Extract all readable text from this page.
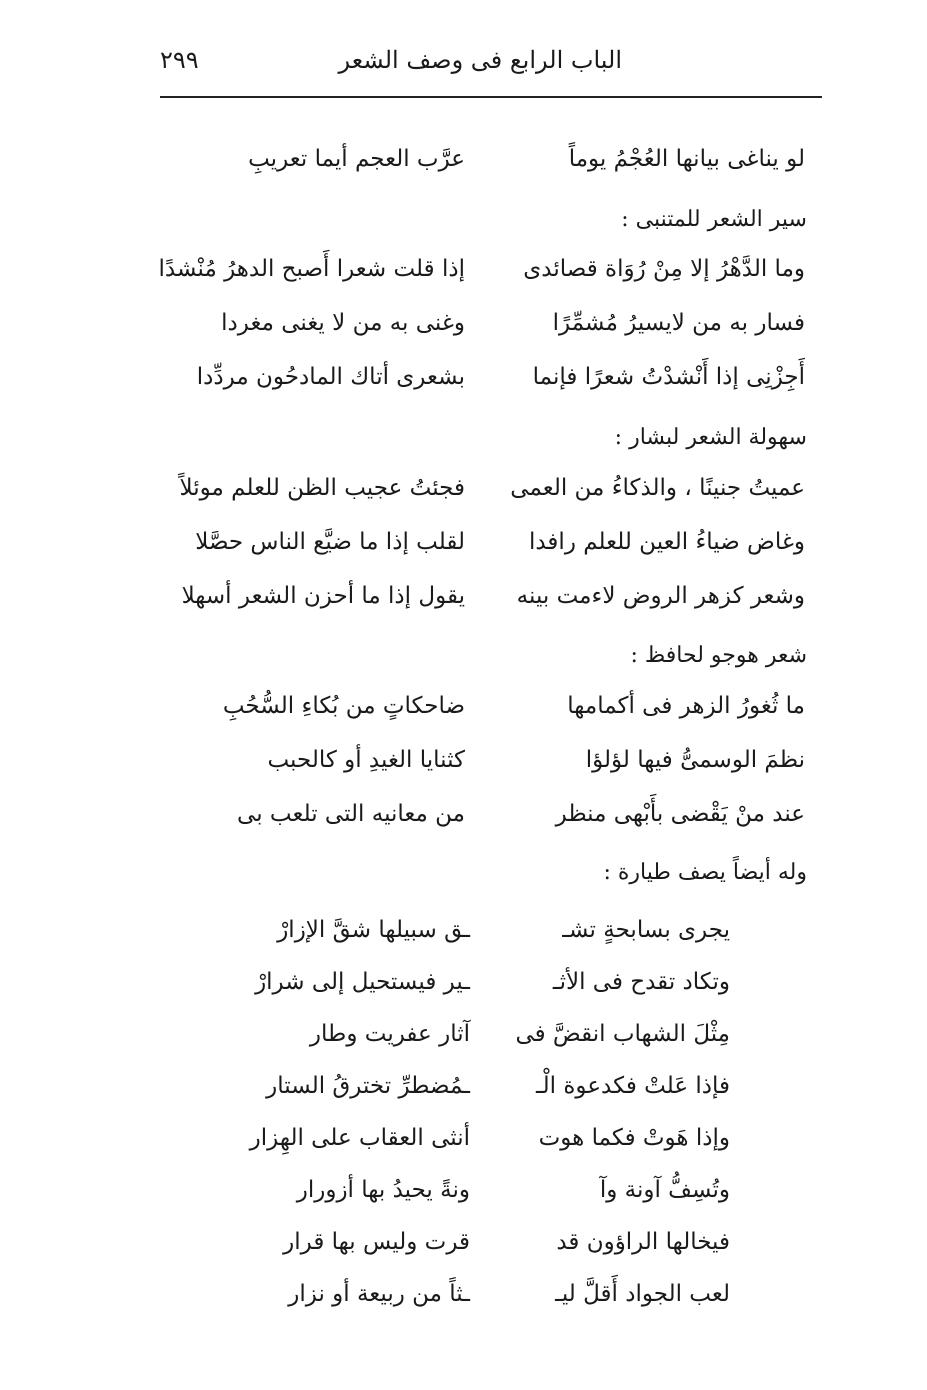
الباب الرابع فى وصف الشعر
٢٩٩
لو يناغى بيانها العُجْمُ يوماً
عرَّب العجم أيما تعريبِ
سير الشعر للمتنبى :
وما الدَّهْرُ إلا مِنْ رُوَاة قصائدى
إذا قلت شعرا أَصبح الدهرُ مُنْشدًا
فسار به من لايسيرُ مُشمِّرًا
وغنى به من لا يغنى مغردا
أَجِزْنِى إذا أَنْشدْتُ شعرًا فإنما
بشعرى أتاك المادحُون مردِّدا
سهولة الشعر لبشار :
عميتُ جنينًا ، والذكاءُ من العمى
فجئتُ عجيب الظن للعلم موئلاً
وغاض ضياءُ العين للعلم رافدا
لقلب إذا ما ضيَّع الناس حصَّلا
وشعر كزهر الروض لاءمت بينه
يقول إذا ما أحزن الشعر أسهلا
شعر هوجو لحافظ :
ما ثُغورُ الزهر فى أكمامها
ضاحكاتٍ من بُكاءِ السُّحُبِ
نظمَ الوسمىُّ فيها لؤلؤا
كثنايا الغيدِ أو كالحبب
عند منْ يَقْضى بأَبْهى منظر
من معانيه التى تلعب بى
وله أيضاً يصف طيارة :
يجرى بسابحةٍ تشـ
ـق سبيلها شقَّ الإزارْ
وتكاد تقدح فى الأثـ
ـير فيستحيل إلى شرارْ
مِثْلَ الشهاب انقضَّ فى
آثار عفريت وطار
فإذا عَلتْ فكدعوة الْـ
ـمُضطرِّ تخترقُ الستار
وإذا هَوتْ فكما هوت
أنثى العقاب على الهِزار
وتُسِفُّ آونة وآ
ونةً يحيدُ بها أزورار
فيخالها الراؤون قد
قرت وليس بها قرار
لعب الجواد أَقلَّ ليـ
ـثاً من ربيعة أو نزار
